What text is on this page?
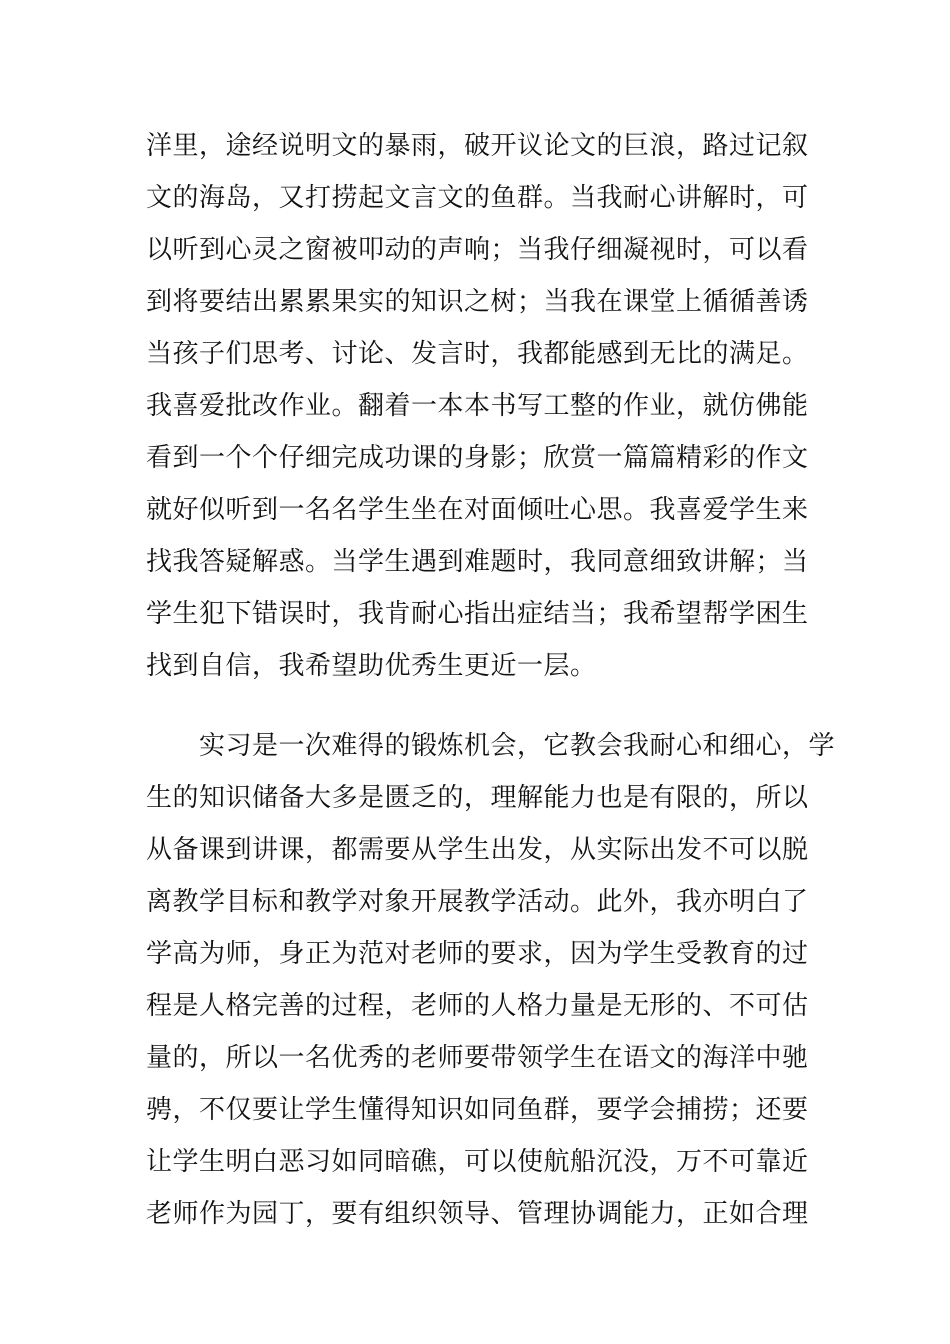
洋里，途经说明文的暴雨，破开议论文的巨浪，路过记叙
文的海岛，又打捞起文言文的鱼群。当我耐心讲解时，可
以听到心灵之窗被叩动的声响；当我仔细凝视时，可以看
到将要结出累累果实的知识之树；当我在课堂上循循善诱
当孩子们思考、讨论、发言时，我都能感到无比的满足。
我喜爱批改作业。翻着一本本书写工整的作业，就仿佛能
看到一个个仔细完成功课的身影；欣赏一篇篇精彩的作文
就好似听到一名名学生坐在对面倾吐心思。我喜爱学生来
找我答疑解惑。当学生遇到难题时，我同意细致讲解；当
学生犯下错误时，我肯耐心指出症结当；我希望帮学困生
找到自信，我希望助优秀生更近一层。
　　实习是一次难得的锻炼机会，它教会我耐心和细心，学
生的知识储备大多是匮乏的，理解能力也是有限的，所以
从备课到讲课，都需要从学生出发，从实际出发不可以脱
离教学目标和教学对象开展教学活动。此外，我亦明白了
学高为师，身正为范对老师的要求，因为学生受教育的过
程是人格完善的过程，老师的人格力量是无形的、不可估
量的，所以一名优秀的老师要带领学生在语文的海洋中驰
骋，不仅要让学生懂得知识如同鱼群，要学会捕捞；还要
让学生明白恶习如同暗礁，可以使航船沉没，万不可靠近
老师作为园丁，要有组织领导、管理协调能力，正如合理
